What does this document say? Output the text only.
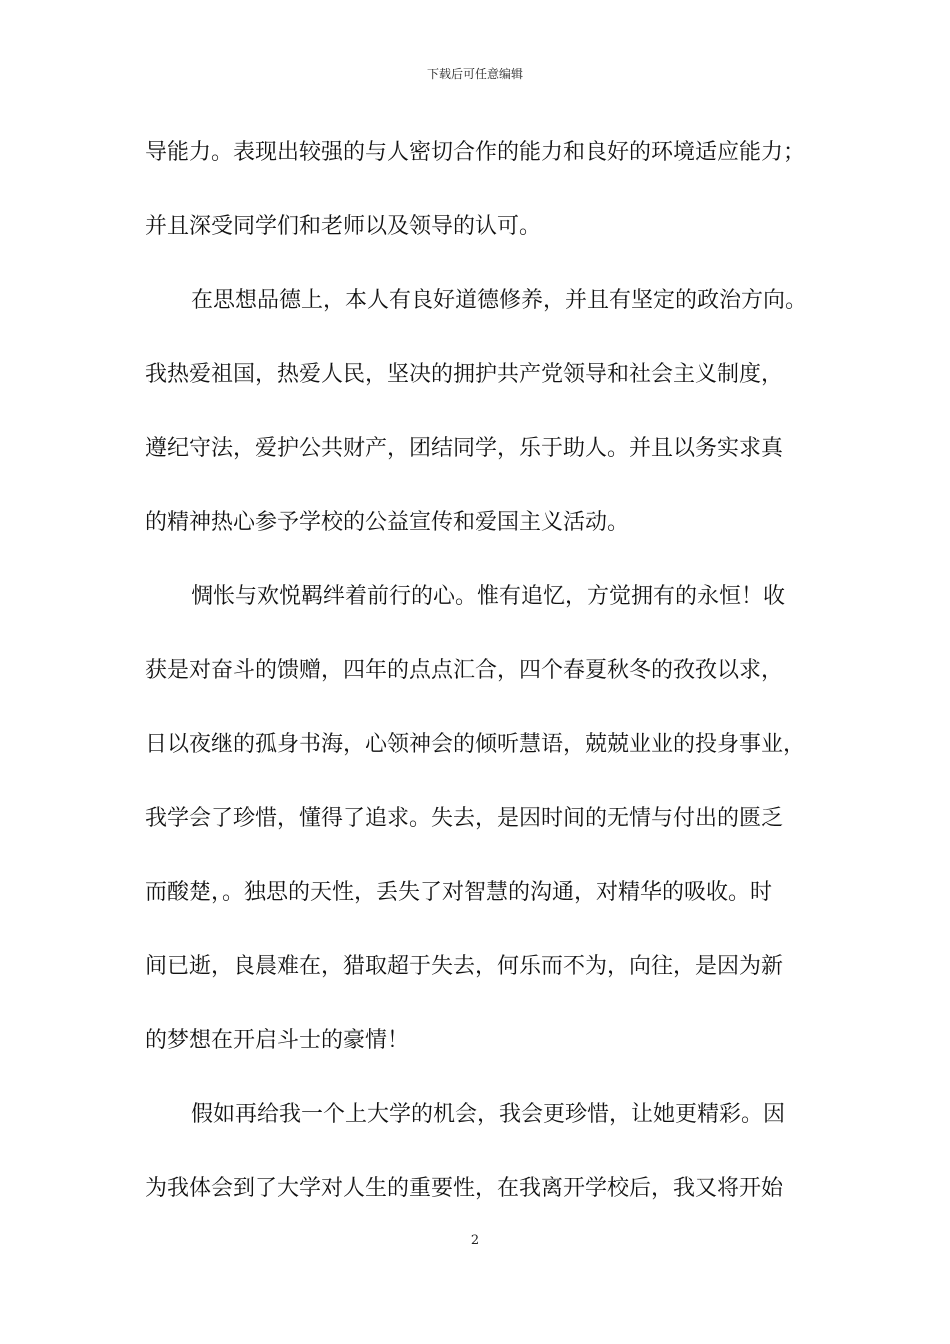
下载后可任意编辑
导能力。表现出较强的与人密切合作的能力和良好的环境适应能力；
并且深受同学们和老师以及领导的认可。
在思想品德上，本人有良好道德修养，并且有坚定的政治方向。
我热爱祖国，热爱人民，坚决的拥护共产党领导和社会主义制度，
遵纪守法，爱护公共财产，团结同学，乐于助人。并且以务实求真
的精神热心参予学校的公益宣传和爱国主义活动。
惆怅与欢悦羁绊着前行的心。惟有追忆，方觉拥有的永恒！收
获是对奋斗的馈赠，四年的点点汇合，四个春夏秋冬的孜孜以求，
日以夜继的孤身书海，心领神会的倾听慧语，兢兢业业的投身事业，
我学会了珍惜，懂得了追求。失去，是因时间的无情与付出的匮乏
而酸楚，。独思的天性，丢失了对智慧的沟通，对精华的吸收。时
间已逝，良晨难在，猎取超于失去，何乐而不为，向往，是因为新
的梦想在开启斗士的豪情！
假如再给我一个上大学的机会，我会更珍惜，让她更精彩。因
为我体会到了大学对人生的重要性，在我离开学校后，我又将开始
2
